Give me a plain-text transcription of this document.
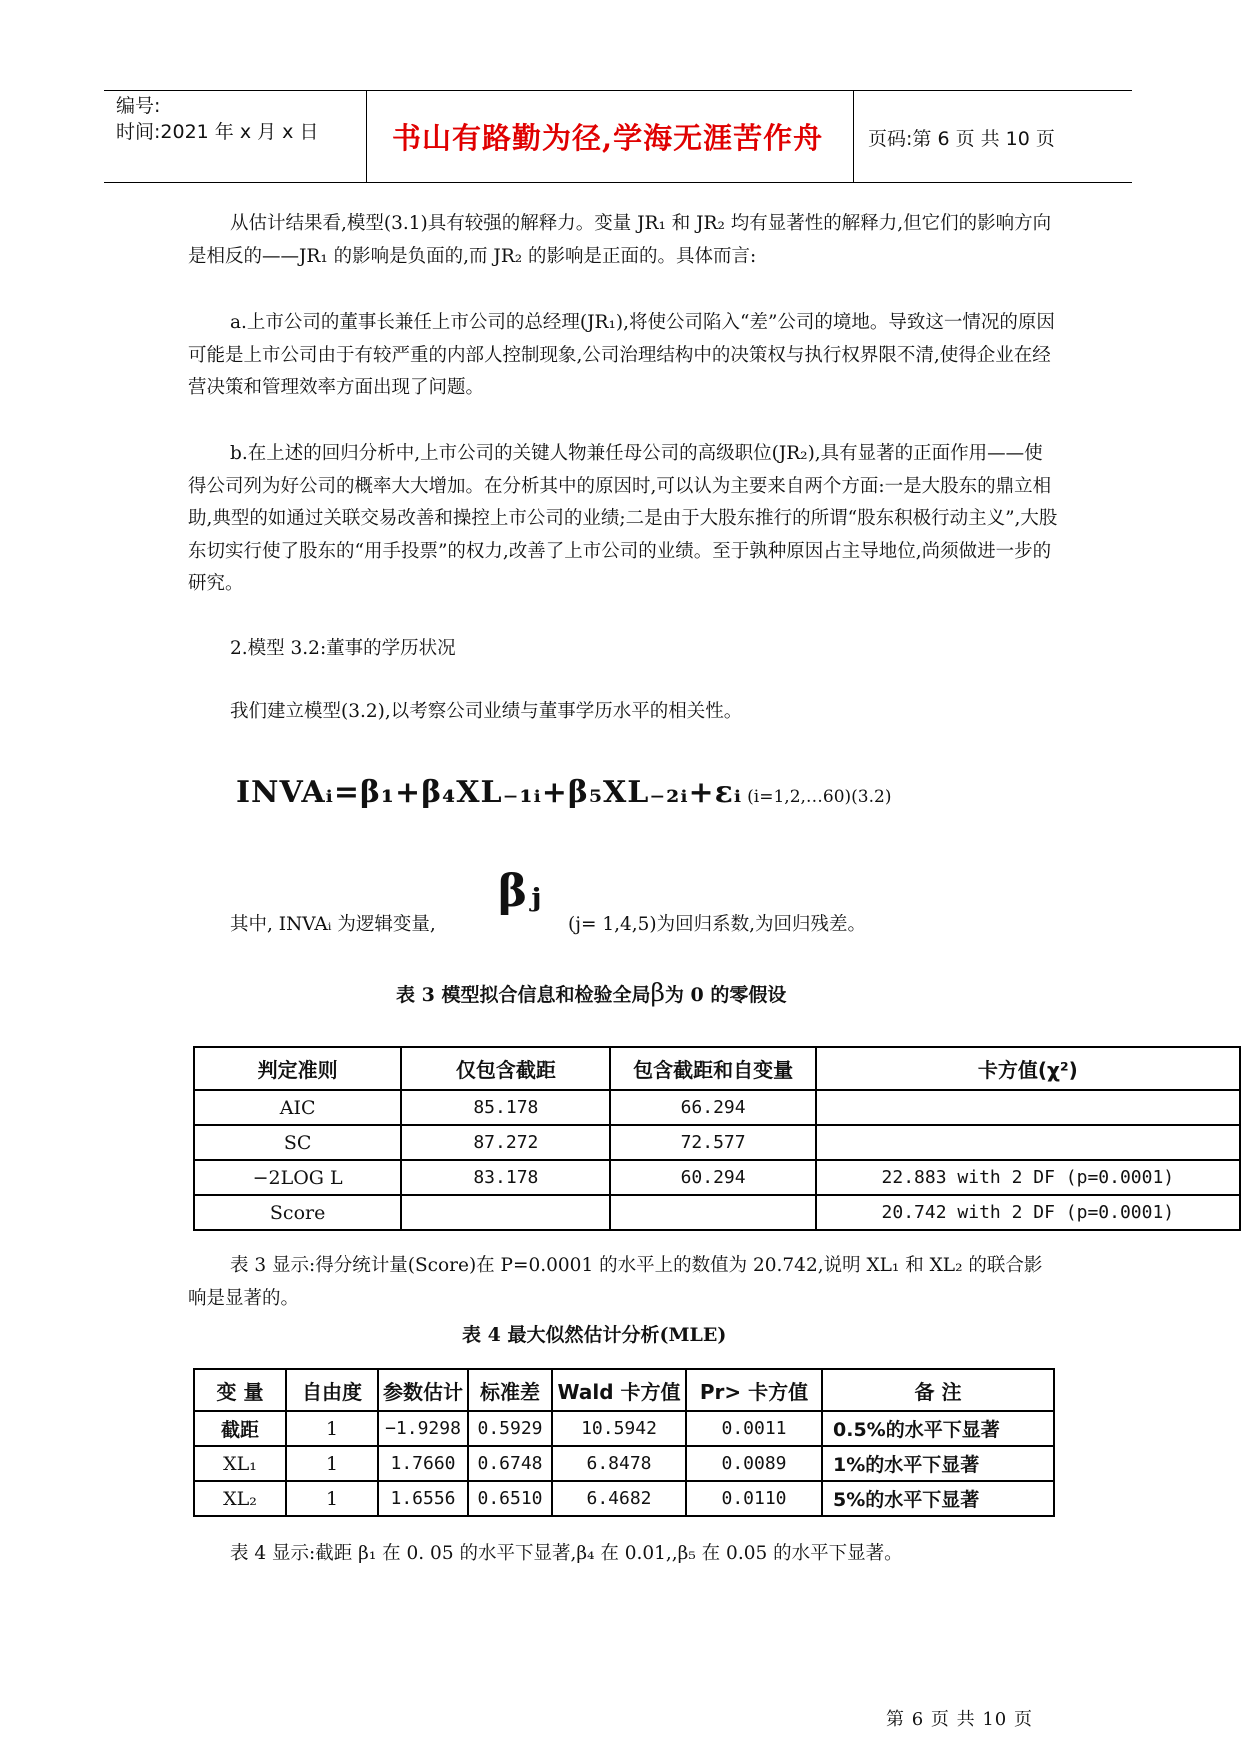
编号:
时间:2021 年 x 月 x 日	书山有路勤为径,学海无涯苦作舟 页码:第 6 页 共 10 页

从估计结果看,模型(3.1)具有较强的解释力。变量 JR₁ 和 JR₂ 均有显著性的解释力,但它们的影响方向是相反的——JR₁ 的影响是负面的,而 JR₂ 的影响是正面的。具体而言:

a.上市公司的董事长兼任上市公司的总经理(JR₁),将使公司陷入“差”公司的境地。导致这一情况的原因可能是上市公司由于有较严重的内部人控制现象,公司治理结构中的决策权与执行权界限不清,使得企业在经营决策和管理效率方面出现了问题。

b.在上述的回归分析中,上市公司的关键人物兼任母公司的高级职位(JR₂),具有显著的正面作用——使得公司列为好公司的概率大大增加。在分析其中的原因时,可以认为主要来自两个方面:一是大股东的鼎立相助,典型的如通过关联交易改善和操控上市公司的业绩;二是由于大股东推行的所谓“股东积极行动主义”,大股东切实行使了股东的“用手投票”的权力,改善了上市公司的业绩。至于孰种原因占主导地位,尚须做进一步的研究。

2.模型 3.2:董事的学历状况

我们建立模型(3.2),以考察公司业绩与董事学历水平的相关性。

INVAᵢ=β₁+β₄XL₋₁ᵢ+β₅XL₋₂ᵢ+εᵢ (i=1,2,…60)(3.2)
其中, INVAᵢ 为逻辑变量,
βⱼ
(j= 1,4,5)为回归系数,为回归残差。
表 3 模型拟合信息和检验全局β为 0 的零假设
判定准则	仅包含截距	包含截距和自变量	卡方值(χ²)
AIC	85.178	66.294	
SC	87.272	72.577	
−2LOG L	83.178	60.294	22.883 with 2 DF (p=0.0001)
Score			20.742 with 2 DF (p=0.0001)

表 3 显示:得分统计量(Score)在 P=0.0001 的水平上的数值为 20.742,说明 XL₁ 和 XL₂ 的联合影响是显著的。

表 4 最大似然估计分析(MLE)
变 量	自由度	参数估计	标准差	Wald 卡方值	Pr> 卡方值	备 注
截距	1	−1.9298	0.5929	10.5942	0.0011	0.5%的水平下显著
XL₁	1	1.7660	0.6748	6.8478	0.0089	1%的水平下显著
XL₂	1	1.6556	0.6510	6.4682	0.0110	5%的水平下显著

表 4 显示:截距 β₁ 在 0. 05 的水平下显著,β₄ 在 0.01,,β₅ 在 0.05 的水平下显著。

第 6 页 共 10 页
